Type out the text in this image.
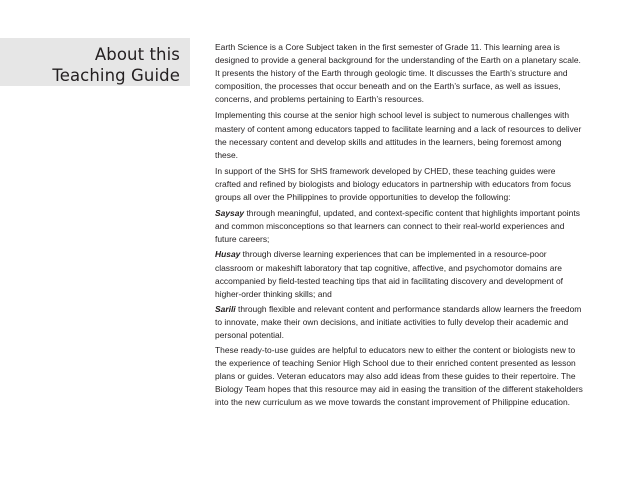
About this
Teaching Guide

Earth Science is a Core Subject taken in the first semester of Grade 11. This learning area is designed to provide a general background for the understanding of the Earth on a planetary scale. It presents the history of the Earth through geologic time. It discusses the Earth’s structure and composition, the processes that occur beneath and on the Earth’s surface, as well as issues, concerns, and problems pertaining to Earth’s resources.

Implementing this course at the senior high school level is subject to numerous challenges with mastery of content among educators tapped to facilitate learning and a lack of resources to deliver the necessary content and develop skills and attitudes in the learners, being foremost among these.

In support of the SHS for SHS framework developed by CHED, these teaching guides were crafted and refined by biologists and biology educators in partnership with educators from focus groups all over the Philippines to provide opportunities to develop the following:

Saysay through meaningful, updated, and context-specific content that highlights important points and common misconceptions so that learners can connect to their real-world experiences and future careers;

Husay through diverse learning experiences that can be implemented in a resource-poor classroom or makeshift laboratory that tap cognitive, affective, and psychomotor domains are accompanied by field-tested teaching tips that aid in facilitating discovery and development of higher-order thinking skills; and

Sarili through flexible and relevant content and performance standards allow learners the freedom to innovate, make their own decisions, and initiate activities to fully develop their academic and personal potential.

These ready-to-use guides are helpful to educators new to either the content or biologists new to the experience of teaching Senior High School due to their enriched content presented as lesson plans or guides. Veteran educators may also add ideas from these guides to their repertoire. The Biology Team hopes that this resource may aid in easing the transition of the different stakeholders into the new curriculum as we move towards the constant improvement of Philippine education.
